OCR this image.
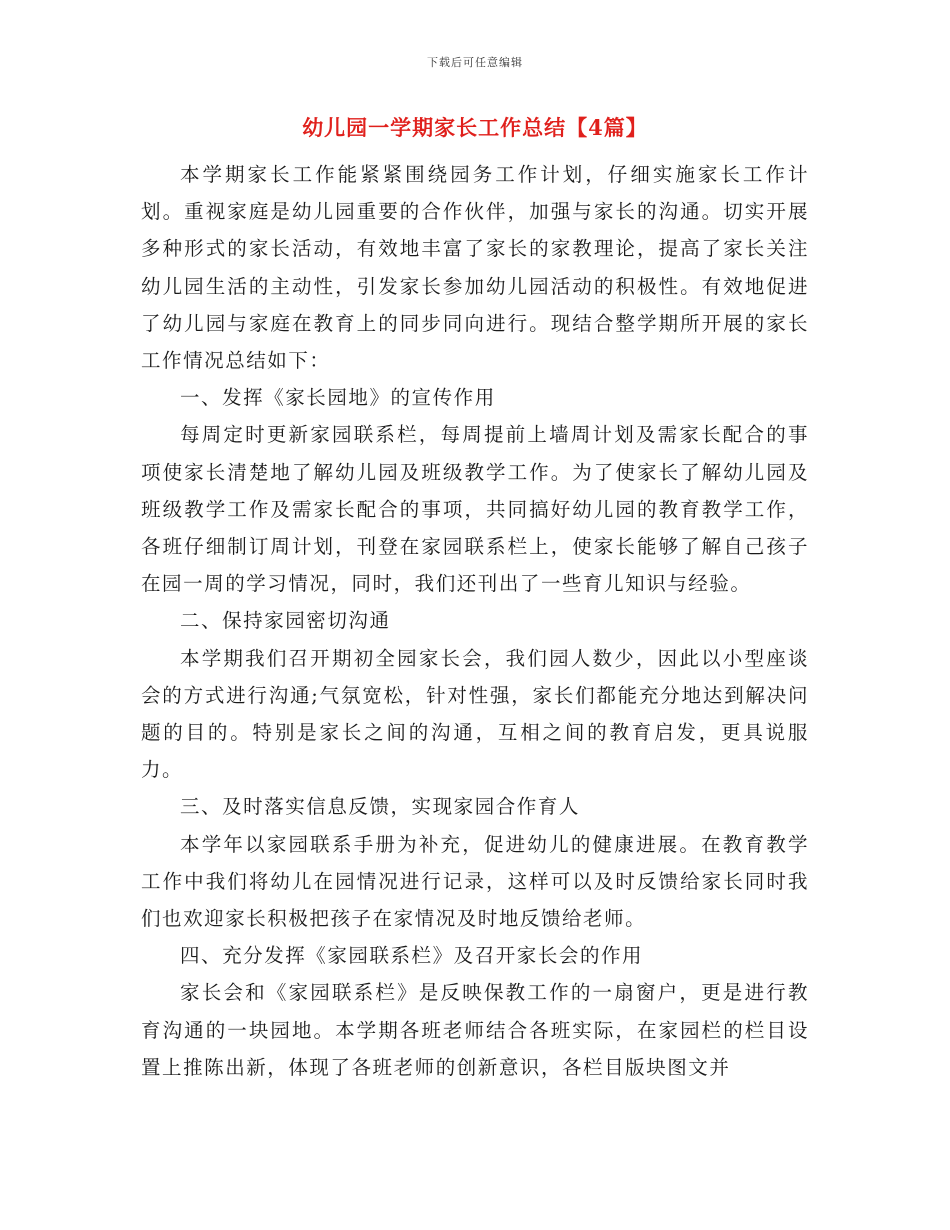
下载后可任意编辑
幼儿园一学期家长工作总结【4篇】

本学期家长工作能紧紧围绕园务工作计划，仔细实施家长工作计划。重视家庭是幼儿园重要的合作伙伴，加强与家长的沟通。切实开展多种形式的家长活动，有效地丰富了家长的家教理论，提高了家长关注幼儿园生活的主动性，引发家长参加幼儿园活动的积极性。有效地促进了幼儿园与家庭在教育上的同步同向进行。现结合整学期所开展的家长工作情况总结如下：

一、发挥《家长园地》的宣传作用

每周定时更新家园联系栏，每周提前上墙周计划及需家长配合的事项使家长清楚地了解幼儿园及班级教学工作。为了使家长了解幼儿园及班级教学工作及需家长配合的事项，共同搞好幼儿园的教育教学工作，各班仔细制订周计划，刊登在家园联系栏上，使家长能够了解自己孩子在园一周的学习情况，同时，我们还刊出了一些育儿知识与经验。

二、保持家园密切沟通

本学期我们召开期初全园家长会，我们园人数少，因此以小型座谈会的方式进行沟通;气氛宽松，针对性强，家长们都能充分地达到解决问题的目的。特别是家长之间的沟通，互相之间的教育启发，更具说服力。

三、及时落实信息反馈，实现家园合作育人

本学年以家园联系手册为补充，促进幼儿的健康进展。在教育教学工作中我们将幼儿在园情况进行记录，这样可以及时反馈给家长同时我们也欢迎家长积极把孩子在家情况及时地反馈给老师。

四、充分发挥《家园联系栏》及召开家长会的作用

家长会和《家园联系栏》是反映保教工作的一扇窗户，更是进行教育沟通的一块园地。本学期各班老师结合各班实际，在家园栏的栏目设置上推陈出新，体现了各班老师的创新意识，各栏目版块图文并
